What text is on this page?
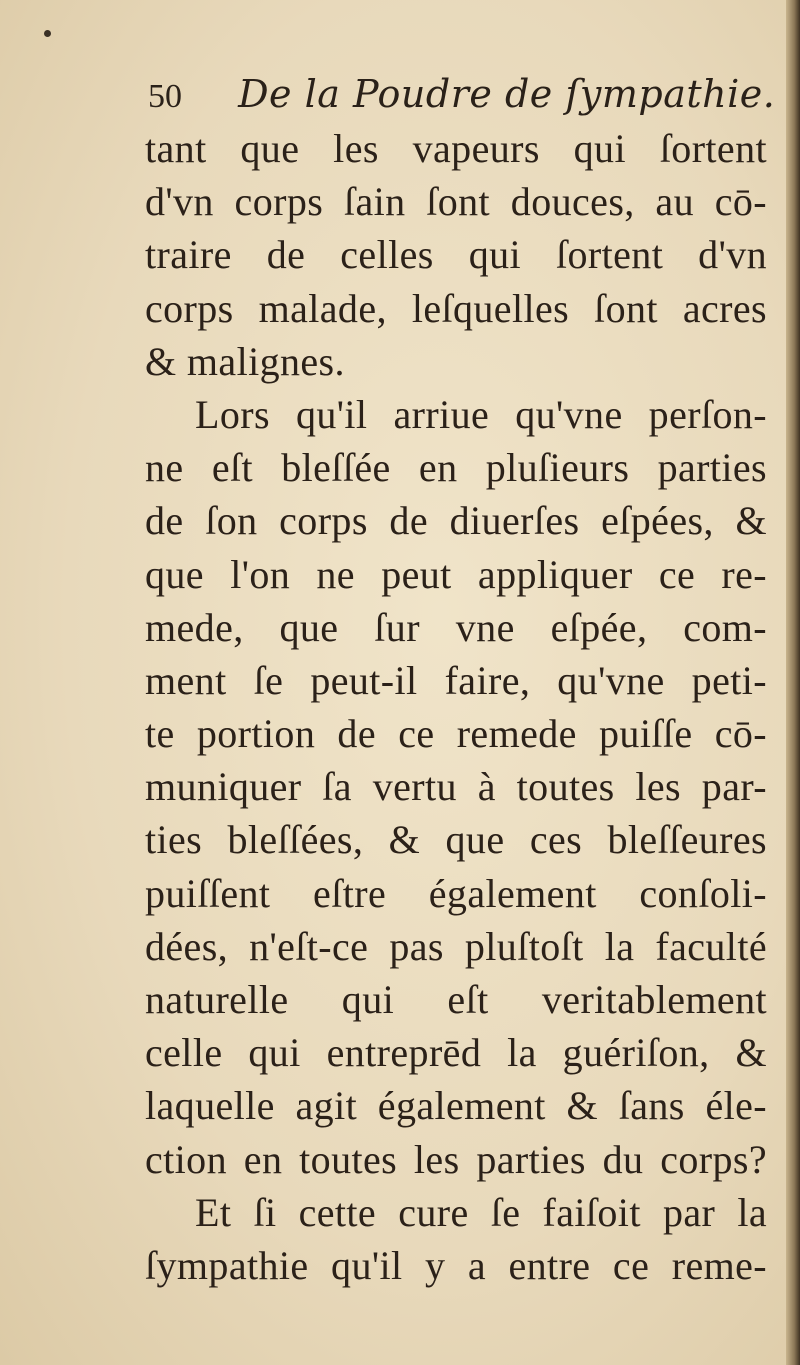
50 De la Poudre de ſympathie.
tant que les vapeurs qui ſortent
d'vn corps ſain ſont douces, au cō-
traire de celles qui ſortent d'vn
corps malade, leſquelles ſont acres
& malignes.
Lors qu'il arriue qu'vne perſon-
ne eſt bleſſée en pluſieurs parties
de ſon corps de diuerſes eſpées, &
que l'on ne peut appliquer ce re-
mede, que ſur vne eſpée, com-
ment ſe peut-il faire, qu'vne peti-
te portion de ce remede puiſſe cō-
muniquer ſa vertu à toutes les par-
ties bleſſées, & que ces bleſſeures
puiſſent eſtre également conſoli-
dées, n'eſt-ce pas pluſtoſt la faculté
naturelle qui eſt veritablement
celle qui entreprēd la guériſon, &
laquelle agit également & ſans éle-
ction en toutes les parties du corps?
Et ſi cette cure ſe faiſoit par la
ſympathie qu'il y a entre ce reme-
